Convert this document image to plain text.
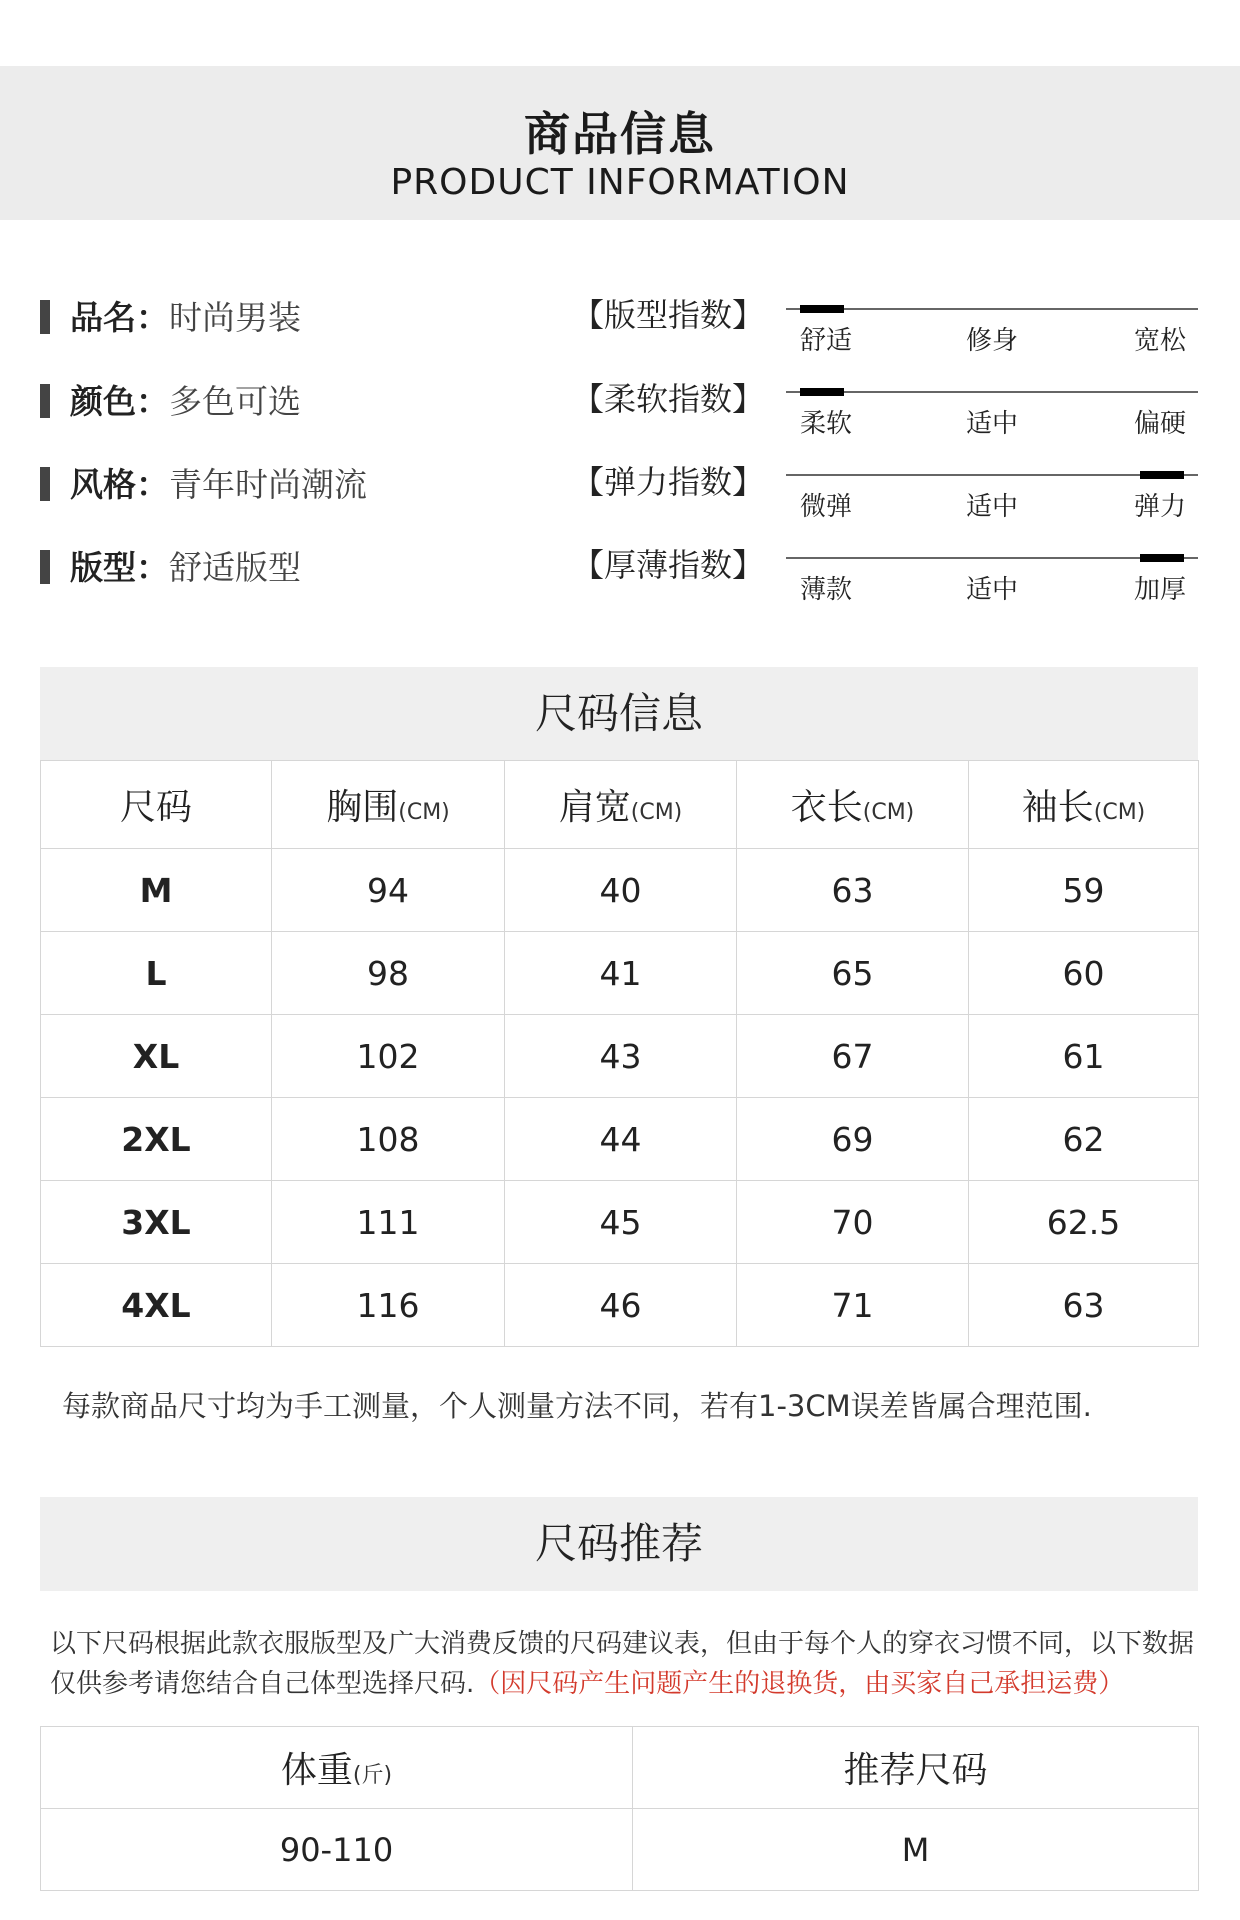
商品信息
PRODUCT INFORMATION
品名：时尚男装
颜色：多色可选
风格：青年时尚潮流
版型：舒适版型
【版型指数】
舒适	修身	宽松
【柔软指数】
柔软	适中	偏硬
【弹力指数】
微弹	适中	弹力
【厚薄指数】
薄款	适中	加厚
尺码信息
尺码	胸围(CM)	肩宽(CM)	衣长(CM)	袖长(CM)
M	94	40	63	59
L	98	41	65	60
XL	102	43	67	61
2XL	108	44	69	62
3XL	111	45	70	62.5
4XL	116	46	71	63
每款商品尺寸均为手工测量，个人测量方法不同，若有1-3CM误差皆属合理范围.
尺码推荐
以下尺码根据此款衣服版型及广大消费反馈的尺码建议表，但由于每个人的穿衣习惯不同，以下数据仅供参考请您结合自己体型选择尺码.（因尺码产生问题产生的退换货，由买家自己承担运费）
体重(斤)	推荐尺码
90-110	M
